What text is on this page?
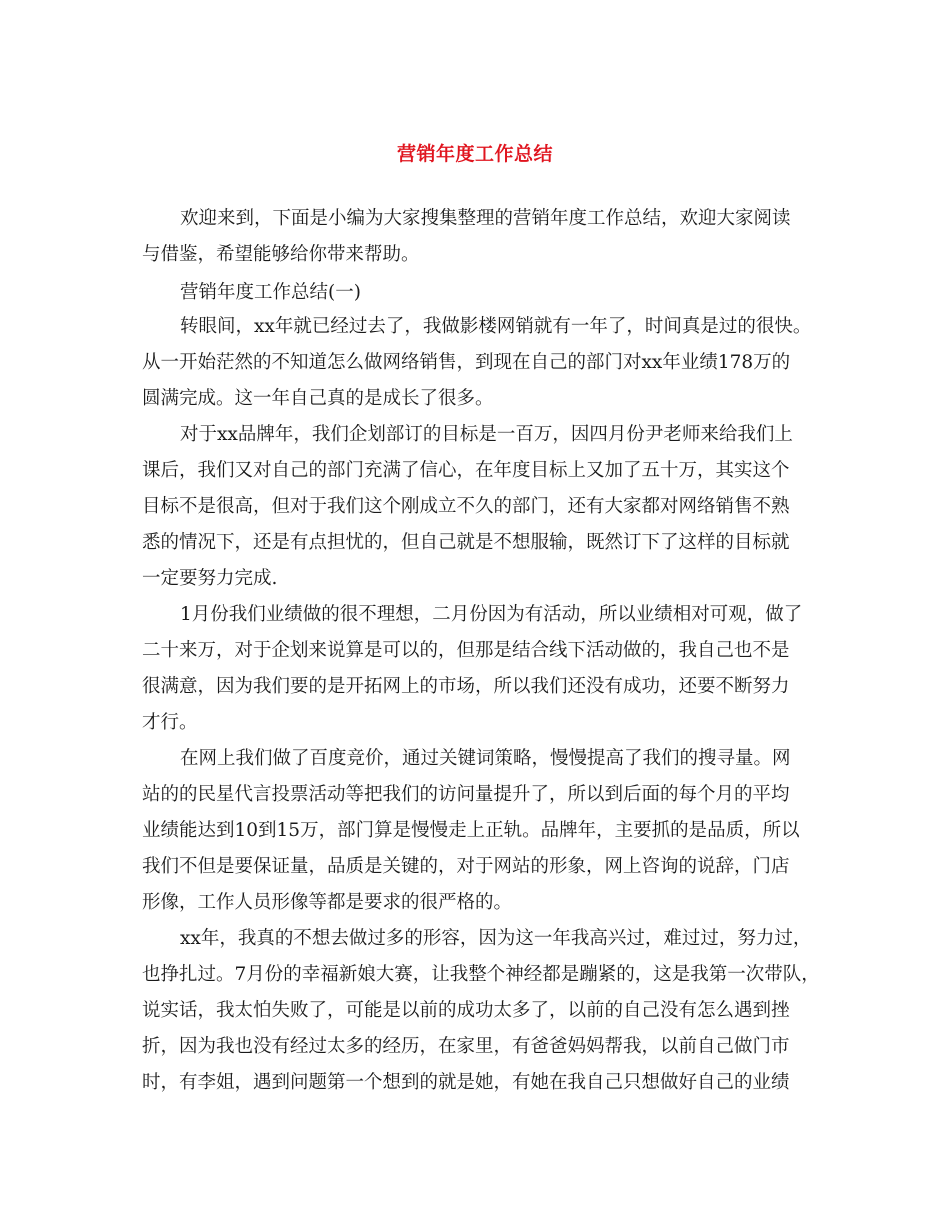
营销年度工作总结
欢迎来到，下面是小编为大家搜集整理的营销年度工作总结，欢迎大家阅读
与借鉴，希望能够给你带来帮助。
营销年度工作总结(一)
转眼间，xx年就已经过去了，我做影楼网销就有一年了，时间真是过的很快。
从一开始茫然的不知道怎么做网络销售，到现在自己的部门对xx年业绩178万的
圆满完成。这一年自己真的是成长了很多。
对于xx品牌年，我们企划部订的目标是一百万，因四月份尹老师来给我们上
课后，我们又对自己的部门充满了信心，在年度目标上又加了五十万，其实这个
目标不是很高，但对于我们这个刚成立不久的部门，还有大家都对网络销售不熟
悉的情况下，还是有点担忧的，但自己就是不想服输，既然订下了这样的目标就
一定要努力完成.
1月份我们业绩做的很不理想，二月份因为有活动，所以业绩相对可观，做了
二十来万，对于企划来说算是可以的，但那是结合线下活动做的，我自己也不是
很满意，因为我们要的是开拓网上的市场，所以我们还没有成功，还要不断努力
才行。
在网上我们做了百度竞价，通过关键词策略，慢慢提高了我们的搜寻量。网
站的的民星代言投票活动等把我们的访问量提升了，所以到后面的每个月的平均
业绩能达到10到15万，部门算是慢慢走上正轨。品牌年，主要抓的是品质，所以
我们不但是要保证量，品质是关键的，对于网站的形象，网上咨询的说辞，门店
形像，工作人员形像等都是要求的很严格的。
xx年，我真的不想去做过多的形容，因为这一年我高兴过，难过过，努力过，
也挣扎过。7月份的幸福新娘大赛，让我整个神经都是蹦紧的，这是我第一次带队，
说实话，我太怕失败了，可能是以前的成功太多了，以前的自己没有怎么遇到挫
折，因为我也没有经过太多的经历，在家里，有爸爸妈妈帮我，以前自己做门市
时，有李姐，遇到问题第一个想到的就是她，有她在我自己只想做好自己的业绩
